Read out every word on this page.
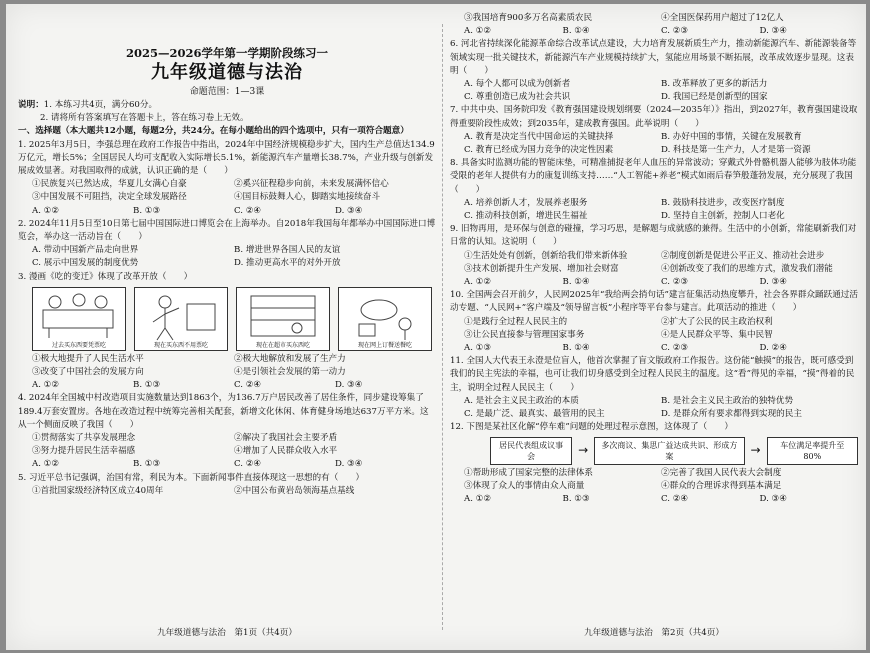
2025—2026学年第一学期阶段练习一
九年级道德与法治
命题范围：1—3课
说明：1. 本练习共4页，满分60分。
2. 请将所有答案填写在答题卡上，答在练习卷上无效。
一、选择题（本大题共12小题，每题2分，共24分。在每小题给出的四个选项中，只有一项符合题意）
1. 2025年3月5日，李强总理在政府工作报告中指出，2024年中国经济规模稳步扩大，国内生产总值达134.9万亿元，增长5%；全国居民人均可支配收入实际增长5.1%，新能源汽车产量增长38.7%，产业升级与创新发展成效显著。对我国取得的成就，认识正确的是（　　）
①民族复兴已然达成，华夏儿女满心自豪	②奚兴征程稳步向前，未来发展满怀信心
③中国发展不可阻挡，决定全球发展路径	④国目标鼓舞人心，脚踏实地接续奋斗
A. ①②	B. ①③	C. ②④	D. ③④
2. 2024年11月5日至10日第七届中国国际进口博览会在上海举办。自2018年我国每年都举办中国国际进口博览会，举办这一活动旨在（　　）
A. 带动中国新产品走向世界	B. 增进世界各国人民的友谊
C. 展示中国发展的制度优势	D. 推动更高水平的对外开放
3. 漫画《吃的变迁》体现了改革开放（　　）
过去买东西要凭票吃	现在买东西不用票吃	现在在超市买东西吃	现在网上订餐送餐吃
①极大地提升了人民生活水平	②极大地解放和发展了生产力
③改变了中国社会的发展方向	④是引领社会发展的第一动力
A. ①②	B. ①③	C. ②④	D. ③④
4. 2024年全国城中村改造项目实施数量达到1863个，为136.7万户居民改善了居住条件，同步建设筹集了189.4万套安置房。各地在改造过程中统筹完善相关配套，新增文化休闲、体育健身场地达637万平方米。这从一个侧面反映了我国（　　）
①贯彻落实了共享发展理念	②解决了我国社会主要矛盾
③努力提升居民生活幸福感	④增加了人民群众收入水平
A. ①②	B. ①③	C. ②④	D. ③④
5. 习近平总书记强调，治国有常，利民为本。下面新闻事件直接体现这一思想的有（　　）
①首批国家级经济特区成立40周年	②中国公布黄岩岛领海基点基线
九年级道德与法治　第1页（共4页）
③我国培育900多万名高素质农民	④全国医保药用户超过了12亿人
A. ①②	B. ①④	C. ②③	D. ③④
6. 河北省持续深化能源革命综合改革试点建设，大力培育发展新质生产力，推动新能源汽车、新能源装备等领域实现一批关键技术，新能源汽车产业规模持续扩大，氢能应用场景不断拓展，改革成效逐步显现。这表明（　　）
A. 每个人都可以成为创新者	B. 改革释放了更多的新活力
C. 尊重创造已成为社会共识	D. 我国已经是创新型的国家
7. 中共中央、国务院印发《教育强国建设规划纲要（2024—2035年）》指出，到2027年，教育强国建设取得重要阶段性成效；到2035年，建成教育强国。此举说明（　　）
A. 教育是决定当代中国命运的关键抉择	B. 办好中国的事情，关键在发展教育
C. 教育已经成为国力竞争的决定性因素	D. 科技是第一生产力，人才是第一资源
8. 具备实时监测功能的智能床垫，可精准捕捉老年人血压的异常波动；穿戴式外骨骼机器人能够为肢体功能受限的老年人提供有力的康复训练支持……“人工智能+养老”模式如雨后春笋般蓬勃发展，充分展现了我国（　　）
A. 培养创新人才，发展养老服务	B. 鼓励科技进步，改变医疗制度
C. 推动科技创新，增进民生福祉	D. 坚持自主创新，控制人口老化
9. 旧物再用，是环保与创意的碰撞，学习巧思，是解题与成就感的兼得。生活中的小创新，常能刷新我们对日常的认知。这说明（　　）
①生活处处有创新，创新给我们带来新体验	②制度创新是促进公平正义、推动社会进步
③技术创新提升生产发展、增加社会财富	④创新改变了我们的思维方式，激发我们潜能
A. ①②	B. ①④	C. ②③	D. ③④
10. 全国两会召开前夕，人民网2025年“我给两会捎句话”建言征集活动热度攀升，社会各界群众踊跃通过活动专题、“人民网+”客户端及“领导留言板”小程序等平台参与建言。此项活动的推进（　　）
①是践行全过程人民民主的	②扩大了公民的民主政治权利
③让公民直接参与管理国家事务	④是人民群众平等、集中民智
A. ①③	B. ①④	C. ②③	D. ②④
11. 全国人大代表王永澄是位盲人，他首次掌握了盲文版政府工作报告。这份能“触摸”的报告，既可感受到我们的民主宪法的幸福，也可让我们切身感受到全过程人民民主的温度。这“看”得见的幸福，“摸”得着的民主，说明全过程人民民主（　　）
A. 是社会主义民主政治的本质	B. 是社会主义民主政治的独特优势
C. 是最广泛、最真实、最管用的民主	D. 是群众所有要求都得到实现的民主
12. 下图是某社区化解“停车难”问题的处理过程示意图，这体现了（　　）
居民代表组成议事会	→	多次商议、集思广益达成共识、形成方案	→	车位满足率提升至80%
①帮助形成了国家完整的法律体系	②完善了我国人民代表大会制度
③体现了众人的事情由众人商量	④群众的合理诉求得到基本满足
A. ①②	B. ①③	C. ②④	D. ③④
九年级道德与法治　第2页（共4页）
